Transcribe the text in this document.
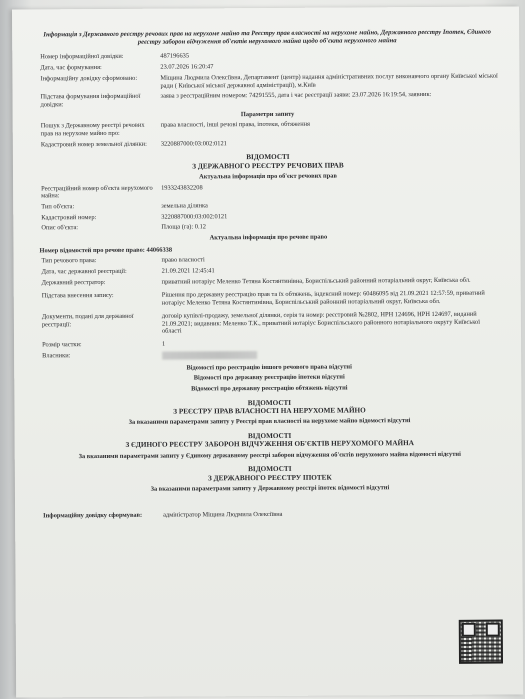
Інформація з Державного реєстру речових прав на нерухоме майно та Реєстру прав власності на нерухоме майно, Державного реєстру Іпотек, Єдиного реєстру заборон відчуження об'єктів нерухомого майна щодо об'єкта нерухомого майна
Номер інформаційної довідки:	487196635
Дата, час формування:	23.07.2026 16:20:47
Інформаційну довідку сформовано:	Міщина Людмила Олексіївна, Департамент (центр) надання адміністративних послуг виконавчого органу Київської міської ради ( Київської міської державної адміністрації), м.Київ
Підстава формування інформаційної довідки:
заява з реєстраційним номером: 74291555, дата і час реєстрації заяви: 23.07.2026 16:19:54, заявник:
Параметри запиту
Пошук з Державному реєстрі речових прав на нерухоме майно про:
права власності, інші речові права, іпотеки, обтяження
Кадастровий номер земельної ділянки:	3220887000:03:002:0121
ВІДОМОСТІ
З ДЕРЖАВНОГО РЕЄСТРУ РЕЧОВИХ ПРАВ
Актуальна інформація про об'єкт речових прав
Реєстраційний номер об'єкта нерухомого майна:
1933243832208
Тип об'єкта:	земельна ділянка
Кадастровий номер:	3220887000:03:002:0121
Опис об'єкта:	Площа (га): 0.12
Актуальна інформація про речове право
Номер відомостей про речове право: 44066338
Тип речового права:	право власності
Дата, час державної реєстрації:	21.09.2021 12:45:41
Державний реєстратор:	приватний нотаріус Меленко Тетяна Костянтинівна, Бориспільський районний нотаріальний округ, Київська обл.
Підстава внесення запису:	Рішення про державну реєстрацію прав та їх обтяжень, індексний номер: 60486095 від 21.09.2021 12:57:59, приватний нотаріус Меленко Тетяна Костянтинівна, Бориспільський районний нотаріальний округ, Київська обл.
Документи, подані для державної реєстрації:
договір купівлі-продажу, земельної ділянки, серія та номер: реєстровий №2802, НРН 124696, НРН 124697, виданий 21.09.2021; видавник: Меленко Т.К., приватний нотаріус Бориспільського районного нотаріального округу Київської області
Розмір частки:	1
Власники:
Відомості про реєстрацію іншого речового права відсутні
Відомості про державну реєстрацію іпотеки відсутні
Відомості про державну реєстрацію обтяжень відсутні
ВІДОМОСТІ
З РЕЄСТРУ ПРАВ ВЛАСНОСТІ НА НЕРУХОМЕ МАЙНО
За вказаними параметрами запиту у Реєстрі прав власності на нерухоме майно відомості відсутні
ВІДОМОСТІ
З ЄДИНОГО РЕЄСТРУ ЗАБОРОН ВІДЧУЖЕННЯ ОБ'ЄКТІВ НЕРУХОМОГО МАЙНА
За вказаними параметрами запиту у Єдиному державному реєстрі заборон відчуження об'єктів нерухомого майна відомості відсутні
ВІДОМОСТІ
З ДЕРЖАВНОГО РЕЄСТРУ ІПОТЕК
За вказаними параметрами запиту у Державному реєстрі іпотек відомості відсутні
Інформаційну довідку сформував:	адміністратор Міщина Людмила Олексіївна
